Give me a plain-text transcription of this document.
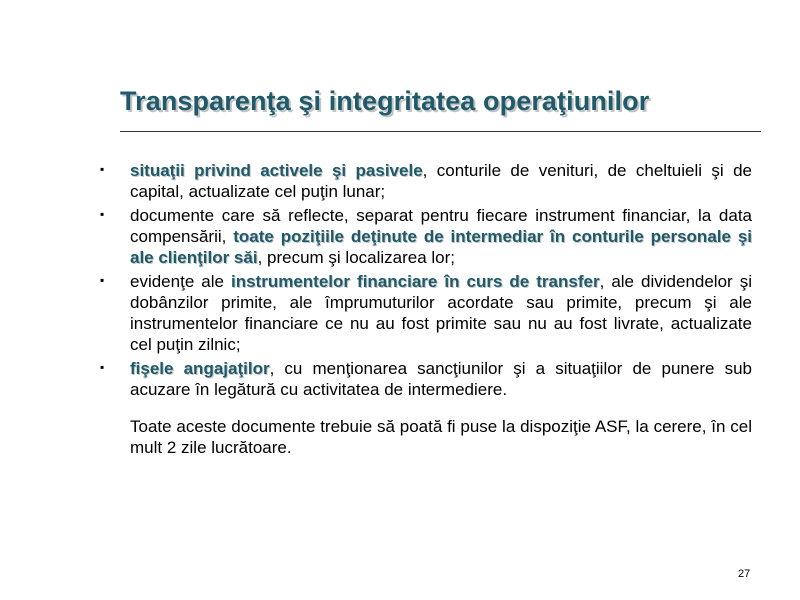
Transparenţa şi integritatea operaţiunilor
▪ situaţii privind activele şi pasivele, conturile de venituri, de cheltuieli şi de capital, actualizate cel puţin lunar;
▪ documente care să reflecte, separat pentru fiecare instrument financiar, la data compensării, toate poziţiile deţinute de intermediar în conturile personale şi ale clienţilor săi, precum şi localizarea lor;
▪ evidenţe ale instrumentelor financiare în curs de transfer, ale dividendelor şi dobânzilor primite, ale împrumuturilor acordate sau primite, precum şi ale instrumentelor financiare ce nu au fost primite sau nu au fost livrate, actualizate cel puţin zilnic;
▪ fişele angajaţilor, cu menţionarea sancţiunilor şi a situaţiilor de punere sub acuzare în legătură cu activitatea de intermediere.
Toate aceste documente trebuie să poată fi puse la dispoziţie ASF, la cerere, în cel mult 2 zile lucrătoare.
27
